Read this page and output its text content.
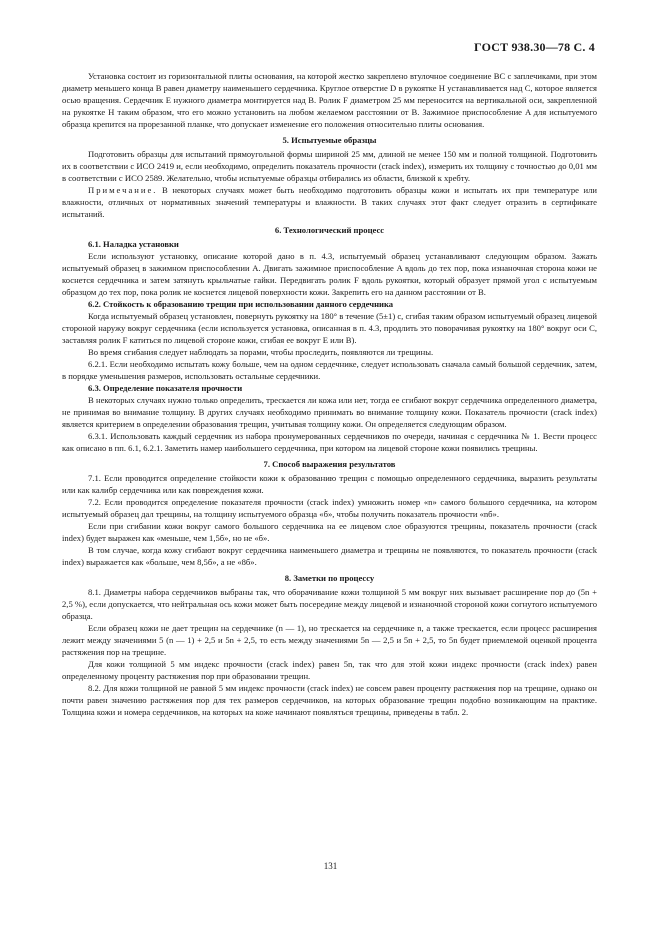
ГОСТ 938.30—78 С. 4

Установка состоит из горизонтальной плиты основания, на которой жестко закреплено втулочное соединение BC с заплечиками, при этом диаметр меньшего конца B равен диаметру наименьшего сердечника. Круглое отверстие D в рукоятке H устанавливается над C, которое является осью вращения. Сердечник E нужного диаметра монтируется над B. Ролик F диаметром 25 мм переносится на вертикальной оси, закрепленной на рукоятке H таким образом, что его можно установить на любом желаемом расстоянии от B. Зажимное приспособление A для испытуемого образца крепится на прорезанной планке, что допускает изменение его положения относительно плиты основания.

5. Испытуемые образцы

Подготовить образцы для испытаний прямоугольной формы шириной 25 мм, длиной не менее 150 мм и полной толщиной. Подготовить их в соответствии с ИСО 2419 и, если необходимо, определить показатель прочности (crack index), измерить их толщину с точностью до 0,01 мм в соответствии с ИСО 2589. Желательно, чтобы испытуемые образцы отбирались из области, близкой к хребту.

Примечание. В некоторых случаях может быть необходимо подготовить образцы кожи и испытать их при температуре или влажности, отличных от нормативных значений температуры и влажности. В таких случаях этот факт следует отразить в сертификате испытаний.

6. Технологический процесс
6.1. Наладка установки

Если используют установку, описание которой дано в п. 4.3, испытуемый образец устанавливают следующим образом. Зажать испытуемый образец в зажимном приспособлении A. Двигать зажимное приспособление A вдоль до тех пор, пока изнаночная сторона кожи не коснется сердечника и затем затянуть крыльчатые гайки. Передвигать ролик F вдоль рукоятки, который образует прямой угол с испытуемым образцом до тех пор, пока ролик не коснется лицевой поверхности кожи. Закрепить его на данном расстоянии от B.

6.2. Стойкость к образованию трещин при использовании данного сердечника

Когда испытуемый образец установлен, повернуть рукоятку на 180° в течение (5±1) с, сгибая таким образом испытуемый образец лицевой стороной наружу вокруг сердечника (если используется установка, описанная в п. 4.3, продлить это поворачивая рукоятку на 180° вокруг оси C, заставляя ролик F катиться по лицевой стороне кожи, сгибая ее вокруг E или B).

Во время сгибания следует наблюдать за порами, чтобы проследить, появляются ли трещины.

6.2.1. Если необходимо испытать кожу больше, чем на одном сердечнике, следует использовать сначала самый большой сердечник, затем, в порядке уменьшения размеров, использовать остальные сердечники.

6.3. Определение показателя прочности

В некоторых случаях нужно только определить, трескается ли кожа или нет, тогда ее сгибают вокруг сердечника определенного диаметра, не принимая во внимание толщину. В других случаях необходимо принимать во внимание толщину кожи. Показатель прочности (crack index) является критерием в определении образования трещин, учитывая толщину кожи. Он определяется следующим образом.

6.3.1. Использовать каждый сердечник из набора пронумерованных сердечников по очереди, начиная с сердечника № 1. Вести процесс как описано в пп. 6.1, 6.2.1. Заметить намер наибольшего сердечника, при котором на лицевой стороне кожи появились трещины.

7. Способ выражения результатов

7.1. Если проводится определение стойкости кожи к образованию трещин с помощью определенного сердечника, выразить результаты или как калибр сердечника или как повреждения кожи.

7.2. Если проводится определение показателя прочности (crack index) умножить номер «n» самого большого сердечника, на котором испытуемый образец дал трещины, на толщину испытуемого образца «б», чтобы получить показатель прочности «nб».

Если при сгибании кожи вокруг самого большого сердечника на ее лицевом слое образуются трещины, показатель прочности (crack index) будет выражен как «меньше, чем 1,5б», но не «б».

В том случае, когда кожу сгибают вокруг сердечника наименьшего диаметра и трещины не появляются, то показатель прочности (crack index) выражается как «больше, чем 8,5б», а не «8б».

8. Заметки по процессу

8.1. Диаметры набора сердечников выбраны так, что оборачивание кожи толщиной 5 мм вокруг них вызывает расширение пор до (5n + 2,5 %), если допускается, что нейтральная ось кожи может быть посередине между лицевой и изнаночной стороной кожи согнутого испытуемого образца.

Если образец кожи не дает трещин на сердечнике (n — 1), но трескается на сердечнике n, а также трескается, если процесс расширения лежит между значениями 5 (n — 1) + 2,5 и 5n + 2,5, то есть между значениями 5n — 2,5 и 5n + 2,5, то 5n будет приемлемой оценкой процента растяжения пор на трещине.

Для кожи толщиной 5 мм индекс прочности (crack index) равен 5n, так что для этой кожи индекс прочности (crack index) равен определенному проценту растяжения пор при образовании трещин.

8.2. Для кожи толщиной не равной 5 мм индекс прочности (crack index) не совсем равен проценту растяжения пор на трещине, однако он почти равен значению растяжения пор для тех размеров сердечников, на которых образование трещин подобно возникающим на практике. Толщина кожи и номера сердечников, на которых на коже начинают появляться трещины, приведены в табл. 2.

131
